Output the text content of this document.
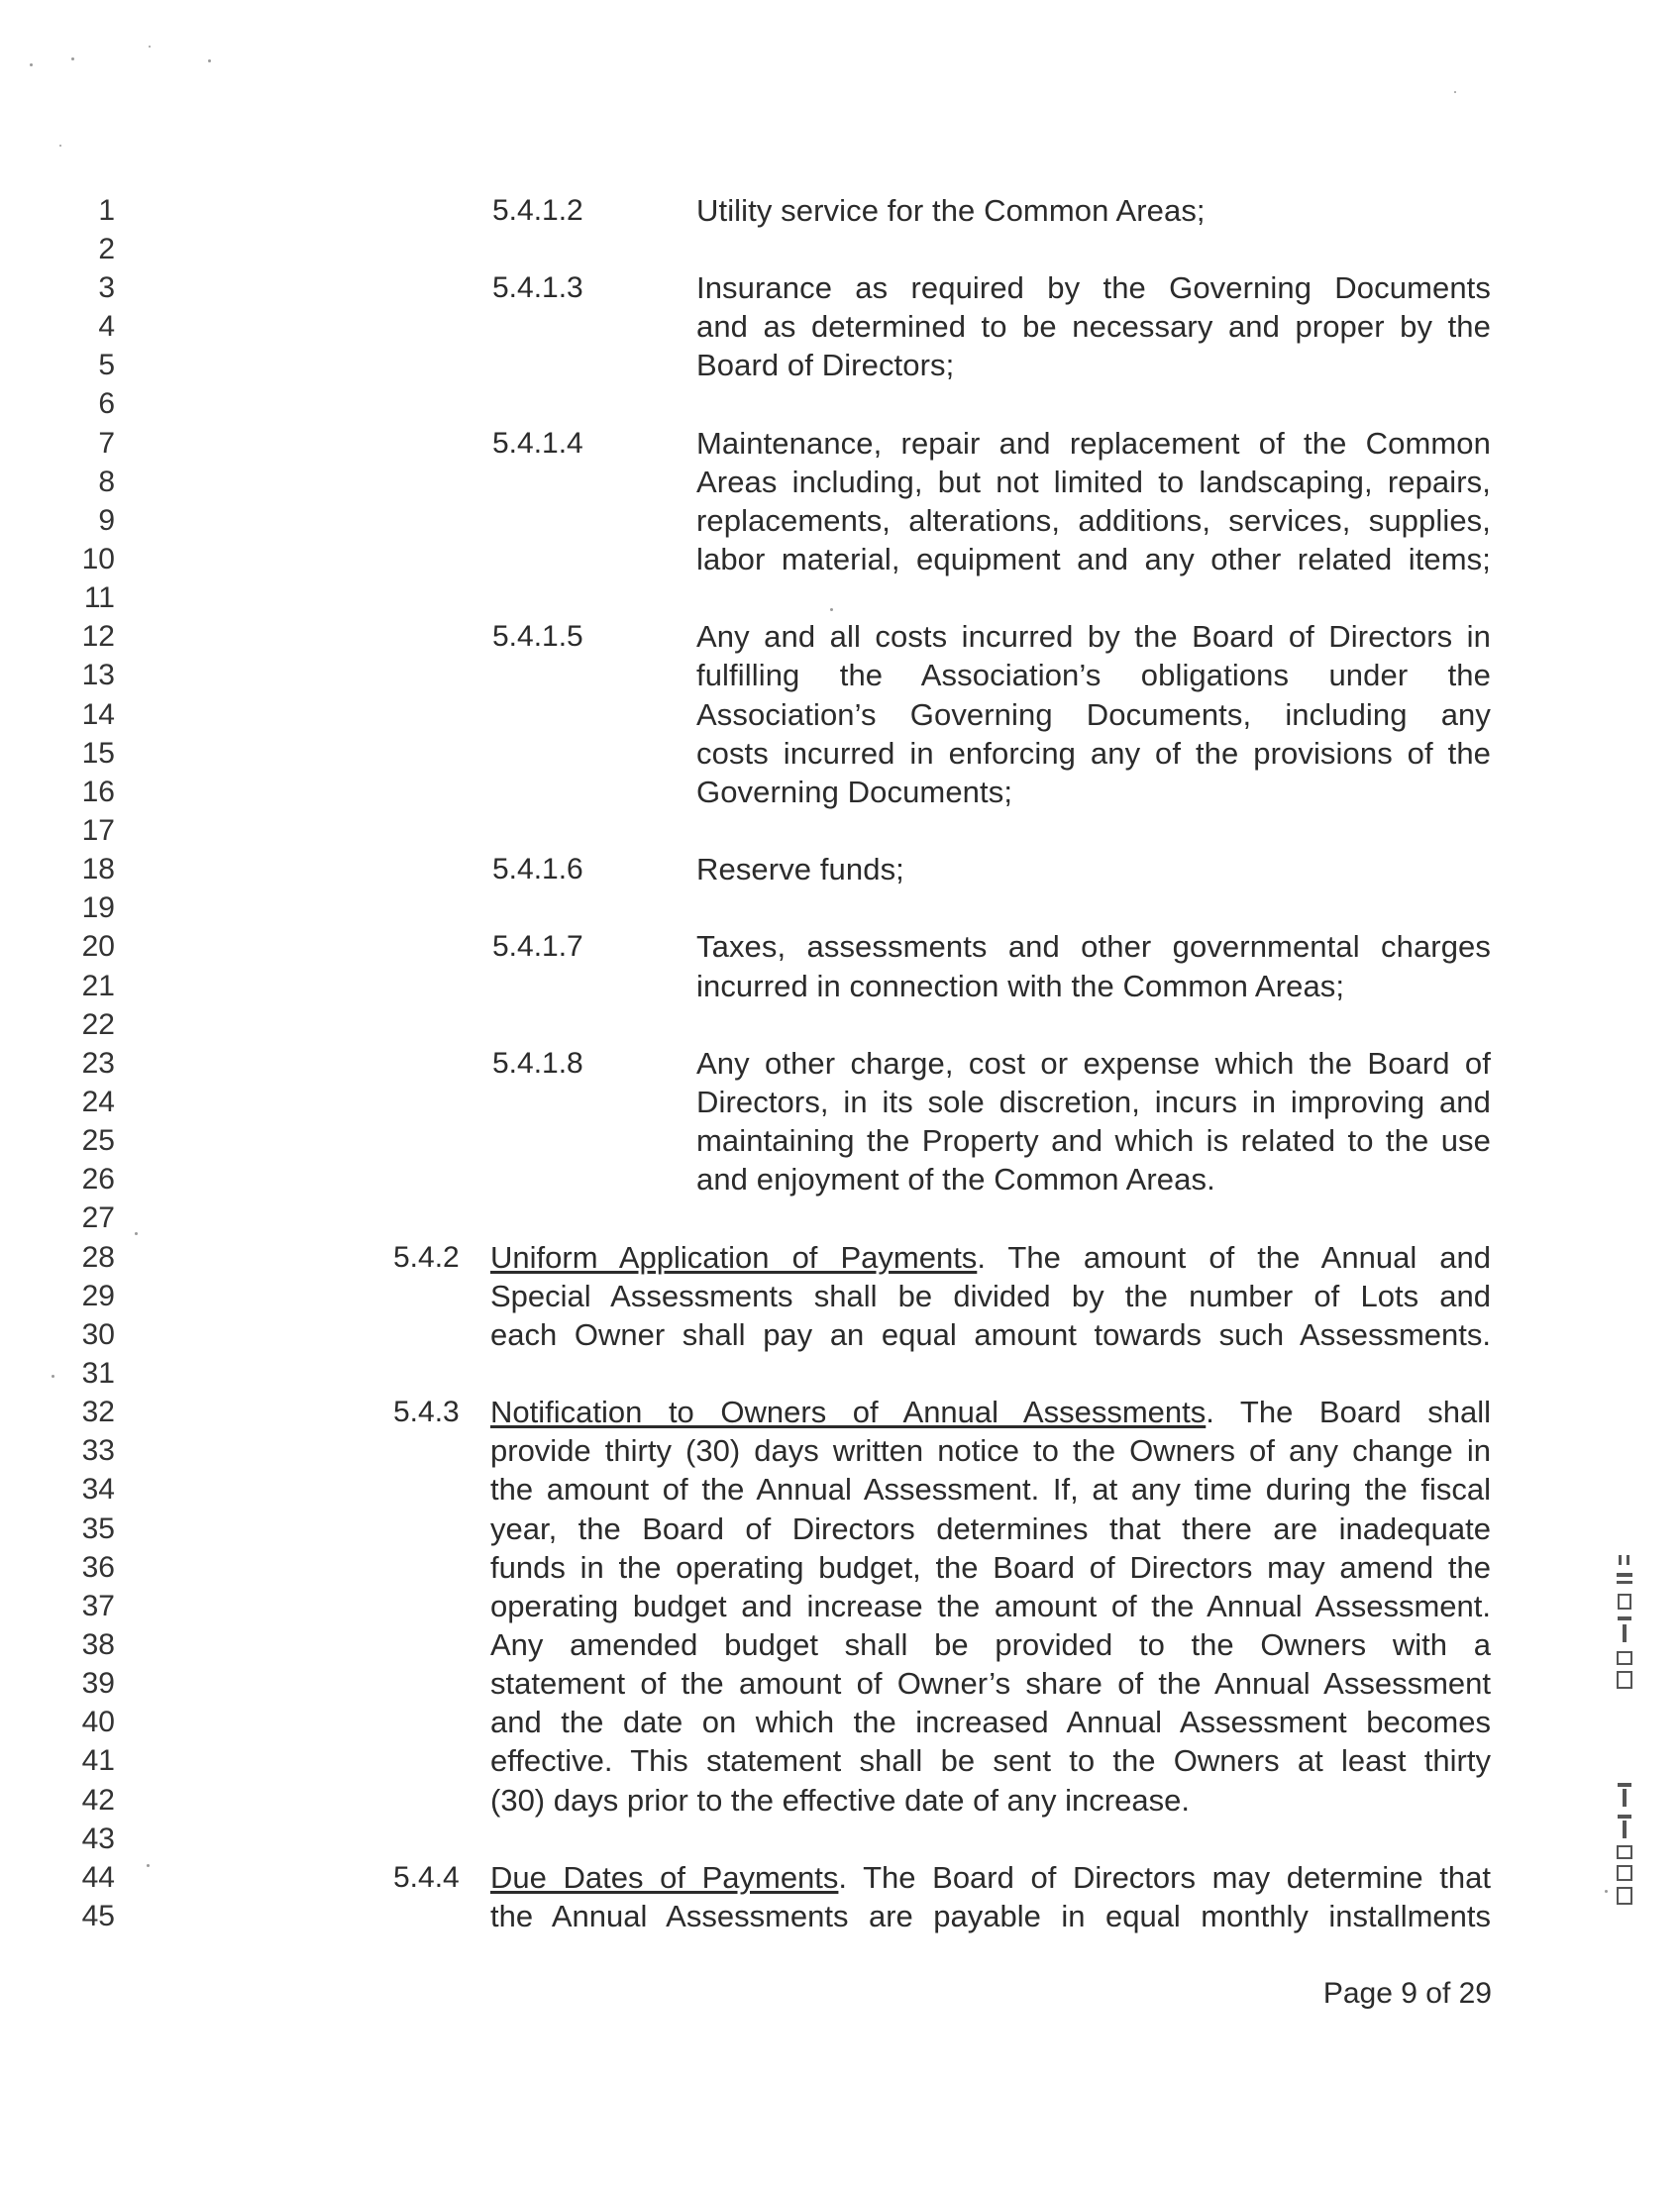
1
2
3
4
5
6
7
8
9
10
11
12
13
14
15
16
17
18
19
20
21
22
23
24
25
26
27
28
29
30
31
32
33
34
35
36
37
38
39
40
41
42
43
44
45
5.4.1.2	Utility service for the Common Areas;
5.4.1.3	Insurance as required by the Governing Documents
and as determined to be necessary and proper by the
Board of Directors;
5.4.1.4	Maintenance, repair and replacement of the Common
Areas including, but not limited to landscaping, repairs,
replacements, alterations, additions, services, supplies,
labor material, equipment and any other related items;
5.4.1.5	Any and all costs incurred by the Board of Directors in
fulfilling the Association’s obligations under the
Association’s Governing Documents, including any
costs incurred in enforcing any of the provisions of the
Governing Documents;
5.4.1.6	Reserve funds;
5.4.1.7	Taxes, assessments and other governmental charges
incurred in connection with the Common Areas;
5.4.1.8	Any other charge, cost or expense which the Board of
Directors, in its sole discretion, incurs in improving and
maintaining the Property and which is related to the use
and enjoyment of the Common Areas.
5.4.2 Uniform Application of Payments. The amount of the Annual and
Special Assessments shall be divided by the number of Lots and
each Owner shall pay an equal amount towards such Assessments.
5.4.3 Notification to Owners of Annual Assessments. The Board shall
provide thirty (30) days written notice to the Owners of any change in
the amount of the Annual Assessment. If, at any time during the fiscal
year, the Board of Directors determines that there are inadequate
funds in the operating budget, the Board of Directors may amend the
operating budget and increase the amount of the Annual Assessment.
Any amended budget shall be provided to the Owners with a
statement of the amount of Owner’s share of the Annual Assessment
and the date on which the increased Annual Assessment becomes
effective. This statement shall be sent to the Owners at least thirty
(30) days prior to the effective date of any increase.
5.4.4 Due Dates of Payments. The Board of Directors may determine that
the Annual Assessments are payable in equal monthly installments
Page 9 of 29
